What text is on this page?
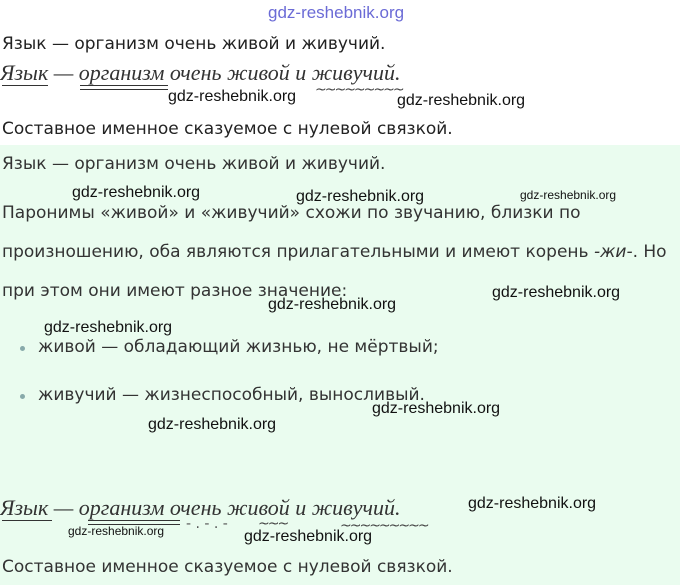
gdz-reshebnik.org
Язык — организм очень живой и живучий.
Язык — организм очень живой и живучий.
~~~~~~~~~
gdz-reshebnik.org	gdz-reshebnik.org
Составное именное сказуемое с нулевой связкой.
Язык — организм очень живой и живучий.
gdz-reshebnik.org	gdz-reshebnik.org	gdz-reshebnik.org
Паронимы «живой» и «живучий» схожи по звучанию, близки по
произношению, оба являются прилагательными и имеют корень -жи-. Но
при этом они имеют разное значение:
gdz-reshebnik.org
gdz-reshebnik.org
gdz-reshebnik.org
живой — обладающий жизнью, не мёртвый;
живучий — жизнеспособный, выносливый.
gdz-reshebnik.org
gdz-reshebnik.org
Язык — организм очень живой и живучий.
- . - . - ~~~	~~~~~~~~~
gdz-reshebnik.org
gdz-reshebnik.org	gdz-reshebnik.org
Составное именное сказуемое с нулевой связкой.
